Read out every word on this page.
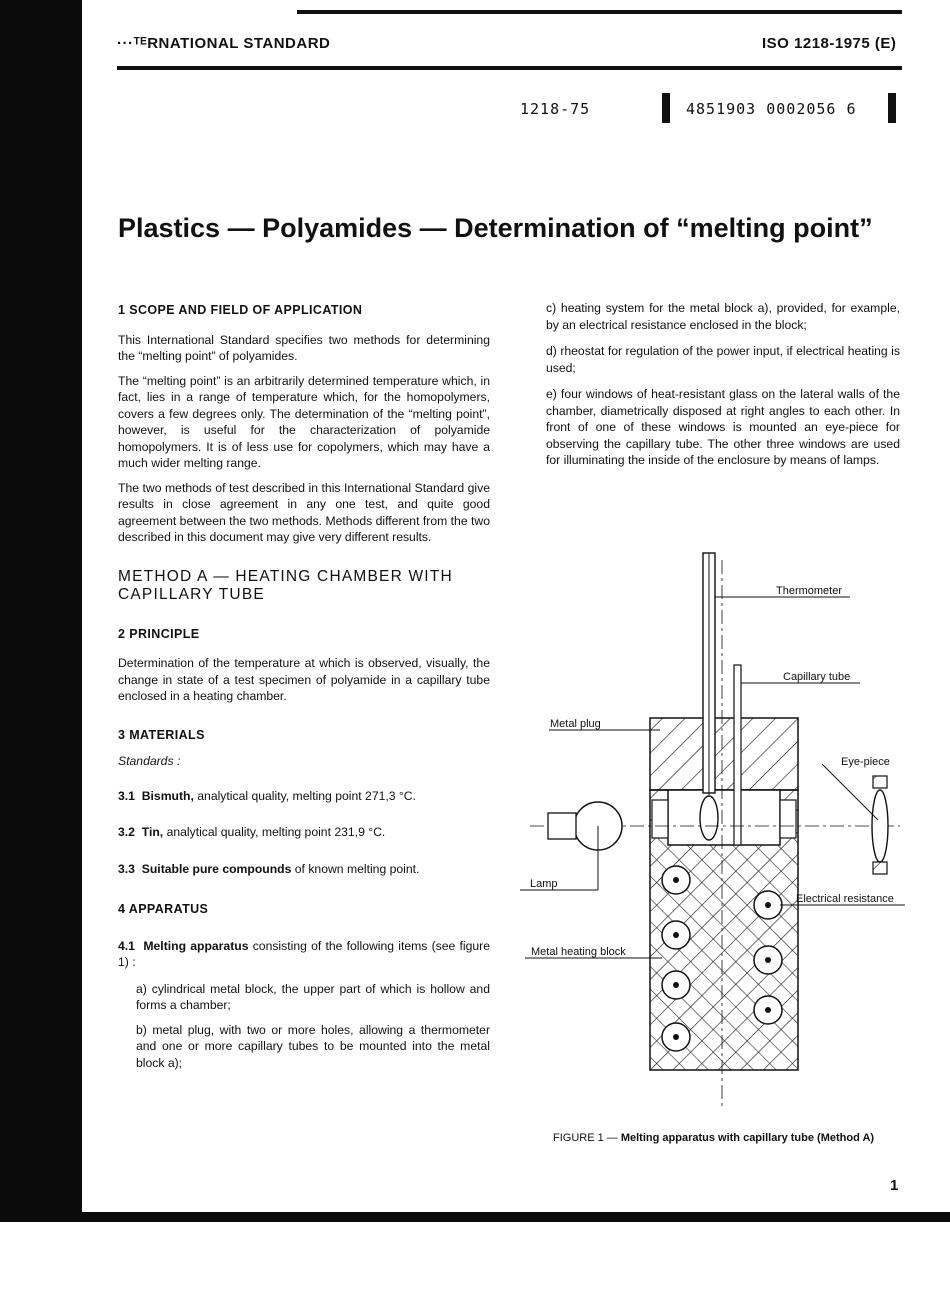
···ᵀᴱRNATIONAL STANDARD	ISO 1218-1975 (E)
1218-75	4851903 0002056 6
Plastics — Polyamides — Determination of “melting point”
1 SCOPE AND FIELD OF APPLICATION

This International Standard specifies two methods for determining the “melting point” of polyamides.

The “melting point” is an arbitrarily determined temperature which, in fact, lies in a range of temperature which, for the homopolymers, covers a few degrees only. The determination of the “melting point”, however, is useful for the characterization of polyamide homopolymers. It is of less use for copolymers, which may have a much wider melting range.

The two methods of test described in this International Standard give results in close agreement in any one test, and quite good agreement between the two methods. Methods different from the two described in this document may give very different results.

METHOD A — HEATING CHAMBER WITH CAPILLARY TUBE
2 PRINCIPLE

Determination of the temperature at which is observed, visually, the change in state of a test specimen of polyamide in a capillary tube enclosed in a heating chamber.

3 MATERIALS

Standards :

3.1 Bismuth, analytical quality, melting point 271,3 °C.

3.2 Tin, analytical quality, melting point 231,9 °C.

3.3 Suitable pure compounds of known melting point.

4 APPARATUS

4.1 Melting apparatus consisting of the following items (see figure 1) :

a) cylindrical metal block, the upper part of which is hollow and forms a chamber;

b) metal plug, with two or more holes, allowing a thermometer and one or more capillary tubes to be mounted into the metal block a);

c) heating system for the metal block a), provided, for example, by an electrical resistance enclosed in the block;

d) rheostat for regulation of the power input, if electrical heating is used;

e) four windows of heat-resistant glass on the lateral walls of the chamber, diametrically disposed at right angles to each other. In front of one of these windows is mounted an eye-piece for observing the capillary tube. The other three windows are used for illuminating the inside of the enclosure by means of lamps.

Thermometer
Capillary tube
Metal plug
Eye-piece
Lamp
Electrical resistance
Metal heating block
FIGURE 1 — Melting apparatus with capillary tube (Method A)
1
